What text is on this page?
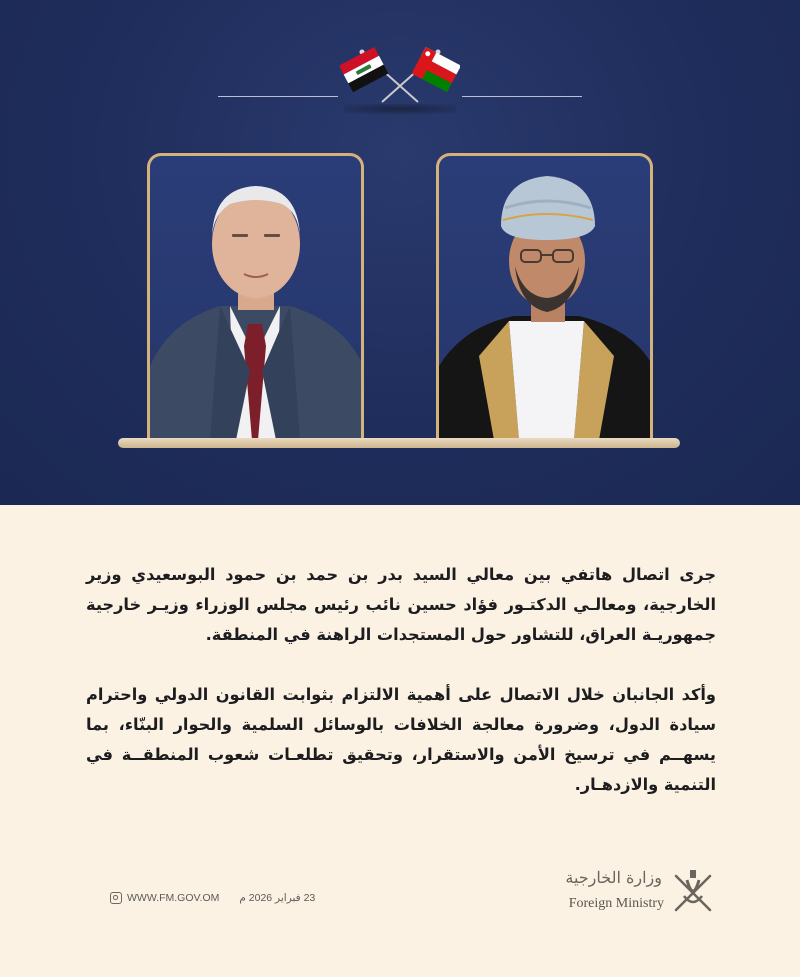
جرى اتصال هاتفي بين معالي السيد بدر بن حمد بن حمود البوسعيدي وزير الخارجية، ومعالـي الدكتـور فؤاد حسين نائب رئيس مجلس الوزراء وزيـر خارجية جمهوريـة العراق، للتشاور حول المستجدات الراهنة في المنطقة.
وأكد الجانبان خلال الاتصال على أهمية الالتزام بثوابت القانون الدولي واحترام سيادة الدول، وضرورة معالجة الخلافات بالوسائل السلمية والحوار البنّاء، بما يسهــم في ترسيخ الأمن والاستقرار، وتحقيق تطلعـات شعوب المنطقــة في التنمية والازدهـار.
WWW.FM.GOV.OM 23 فبراير 2026 م
وزارة الخارجية
Foreign Ministry
